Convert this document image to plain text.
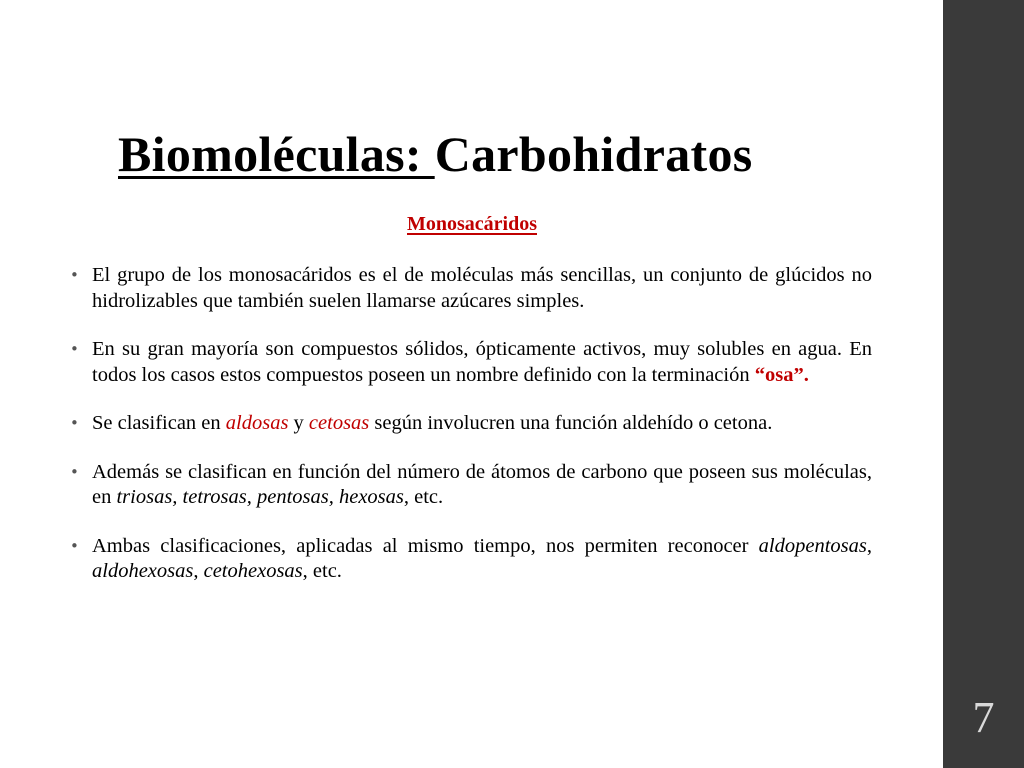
7
Biomoléculas: Carbohidratos
Monosacáridos

• El grupo de los monosacáridos es el de moléculas más sencillas, un conjunto de glúcidos no hidrolizables que también suelen llamarse azúcares simples.

• En su gran mayoría son compuestos sólidos, ópticamente activos, muy solubles en agua. En todos los casos estos compuestos poseen un nombre definido con la terminación “osa”.

• Se clasifican en aldosas y cetosas según involucren una función aldehído o cetona.

• Además se clasifican en función del número de átomos de carbono que poseen sus moléculas, en triosas, tetrosas, pentosas, hexosas, etc.

• Ambas clasificaciones, aplicadas al mismo tiempo, nos permiten reconocer aldopentosas, aldohexosas, cetohexosas, etc.
